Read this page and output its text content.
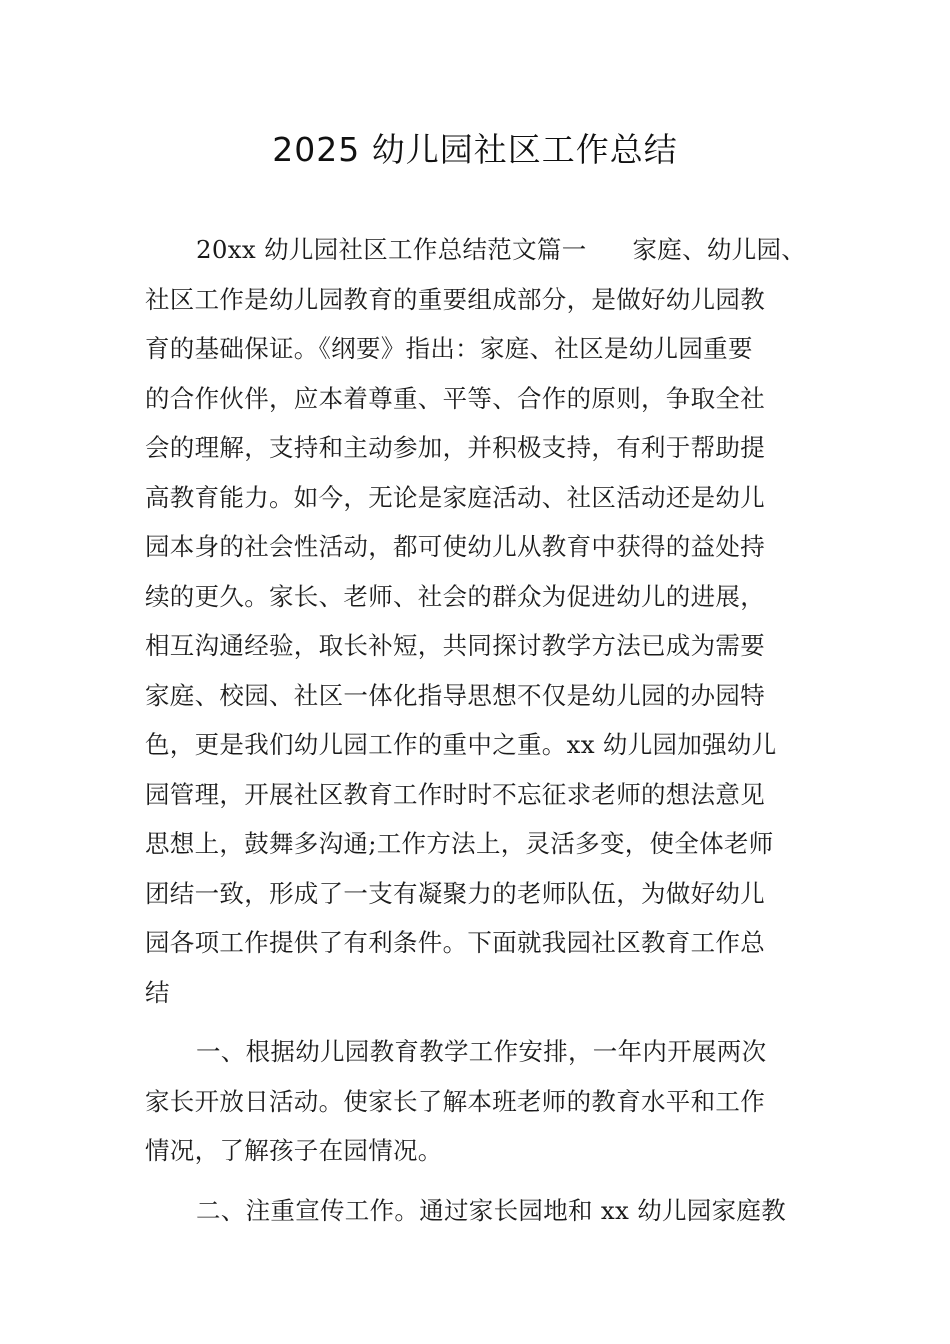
2025 幼儿园社区工作总结
20xx 幼儿园社区工作总结范文篇一 家庭、幼儿园、
社区工作是幼儿园教育的重要组成部分，是做好幼儿园教
育的基础保证。《纲要》指出：家庭、社区是幼儿园重要
的合作伙伴，应本着尊重、平等、合作的原则，争取全社
会的理解，支持和主动参加，并积极支持，有利于帮助提
高教育能力。如今，无论是家庭活动、社区活动还是幼儿
园本身的社会性活动，都可使幼儿从教育中获得的益处持
续的更久。家长、老师、社会的群众为促进幼儿的进展，
相互沟通经验，取长补短，共同探讨教学方法已成为需要
家庭、校园、社区一体化指导思想不仅是幼儿园的办园特
色，更是我们幼儿园工作的重中之重。xx 幼儿园加强幼儿
园管理，开展社区教育工作时时不忘征求老师的想法意见
思想上，鼓舞多沟通;工作方法上，灵活多变，使全体老师
团结一致，形成了一支有凝聚力的老师队伍，为做好幼儿
园各项工作提供了有利条件。下面就我园社区教育工作总
结
一、根据幼儿园教育教学工作安排，一年内开展两次
家长开放日活动。使家长了解本班老师的教育水平和工作
情况，了解孩子在园情况。
二、注重宣传工作。通过家长园地和 xx 幼儿园家庭教
